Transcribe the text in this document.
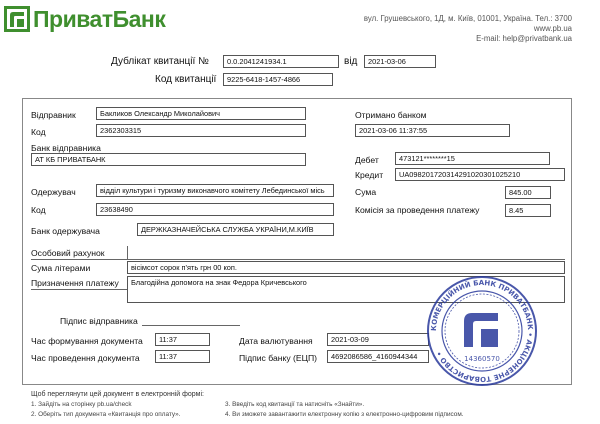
ПриватБанк	вул. Грушевського, 1Д, м. Київ, 01001, Україна. Тел.: 3700
www.pb.ua
E-mail: help@privatbank.ua
Дублікат квитанції №	0.0.2041241934.1	від	2021-03-06
Код квитанції	9225-6418-1457-4866
Відправник	Бакликов Олександр Миколайович
Код	2362303315
Банк відправника
АТ КБ ПРИВАТБАНК
Отримано банком
2021-03-06 11:37:55
Дебет	473121********15
Кредит	UA098201720314291020301025210
Одержувач	відділ культури і туризму виконавчого комітету Лебединської місь
Код	23638490
Банк одержувача	ДЕРЖКАЗНАЧЕЙСЬКА СЛУЖБА УКРАЇНИ,М.КИЇВ
Сума	845.00
Комісія за проведення платежу	8.45
Особовий рахунок
Сума літерами	вісімсот сорок п'ять грн 00 коп.
Призначення платежу	Благодійна допомога на знак Федора Кричевського
Підпис відправника
Час формування документа	11:37
Час проведення документа	11:37
Дата валютування	2021-03-09
Підпис банку (ЕЦП)	4692086586_4160944344
КОМЕРЦІЙНИЙ БАНК ПРИВАТБАНК • АКЦІОНЕРНЕ ТОВАРИСТВО •
14360570
Щоб переглянути цей документ в електронній формі:
1. Зайдіть на сторінку pb.ua/check
2. Оберіть тип документа «Квитанція про оплату».
3. Введіть код квитанції та натисніть «Знайти».
4. Ви зможете завантажити електронну копію з електронно-цифровим підписом.
